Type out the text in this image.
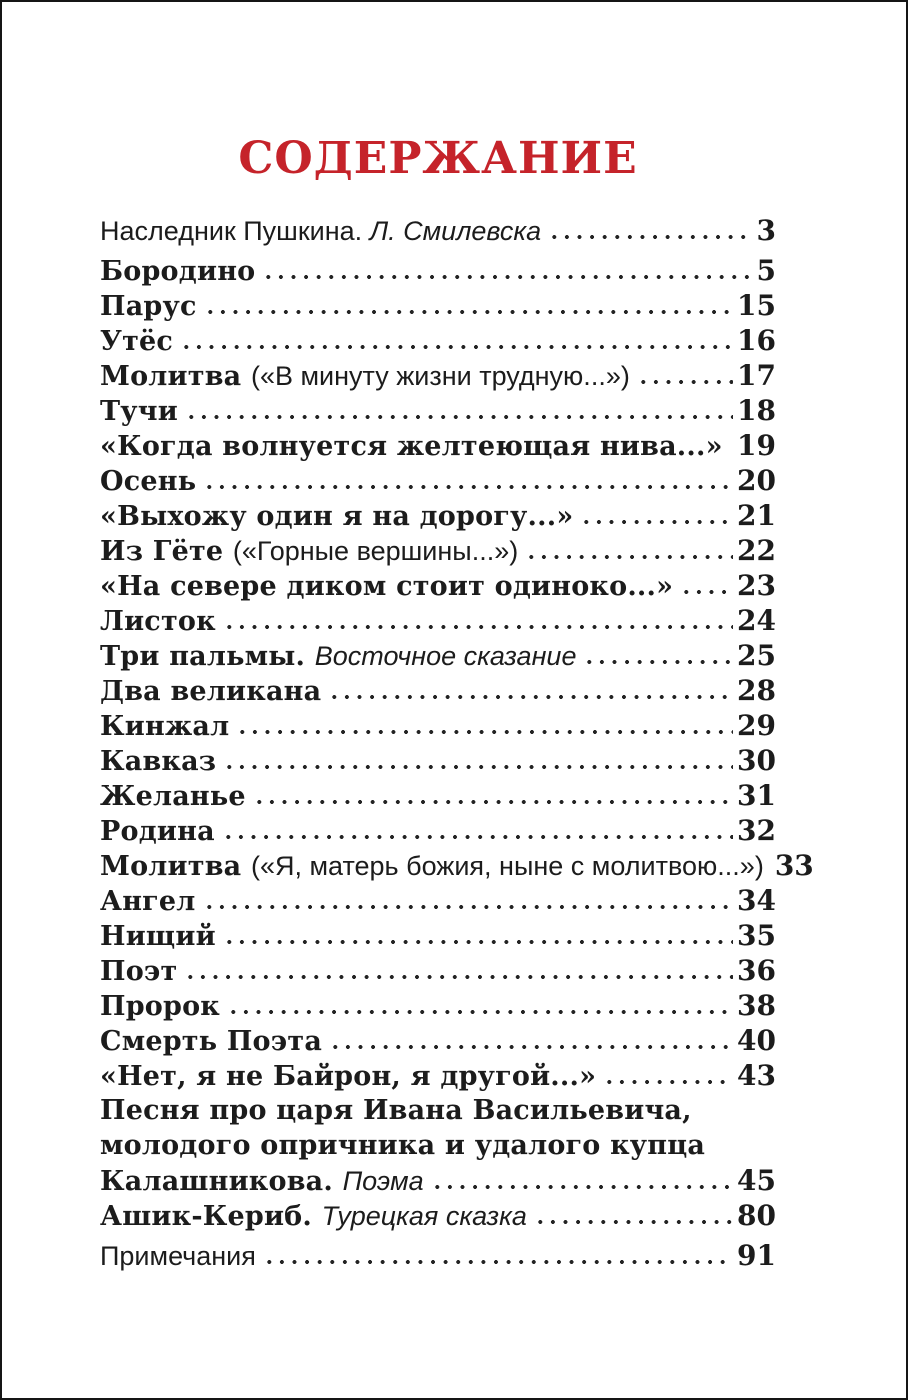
СОДЕРЖАНИЕ
Наследник Пушкина. Л. Смилевска	3
Бородино	5
Парус	15
Утёс	16
Молитва («В минуту жизни трудную...»)	17
Тучи	18
«Когда волнуется желтеющая нива...» 19
Осень	20
«Выхожу один я на дорогу...»	21
Из Гёте («Горные вершины...»)	22
«На севере диком стоит одиноко...» 23
Листок	24
Три пальмы. Восточное сказание	25
Два великана	28
Кинжал	29
Кавказ	30
Желанье	31
Родина	32
Молитва («Я, матерь божия, ныне с молитвою...») 33
Ангел	34
Нищий	35
Поэт	36
Пророк	38
Смерть Поэта	40
«Нет, я не Байрон, я другой...»	43
Песня про царя Ивана Васильевича,
молодого опричника и удалого купца
Калашникова. Поэма	45
Ашик-Кериб. Турецкая сказка	80
Примечания	91
